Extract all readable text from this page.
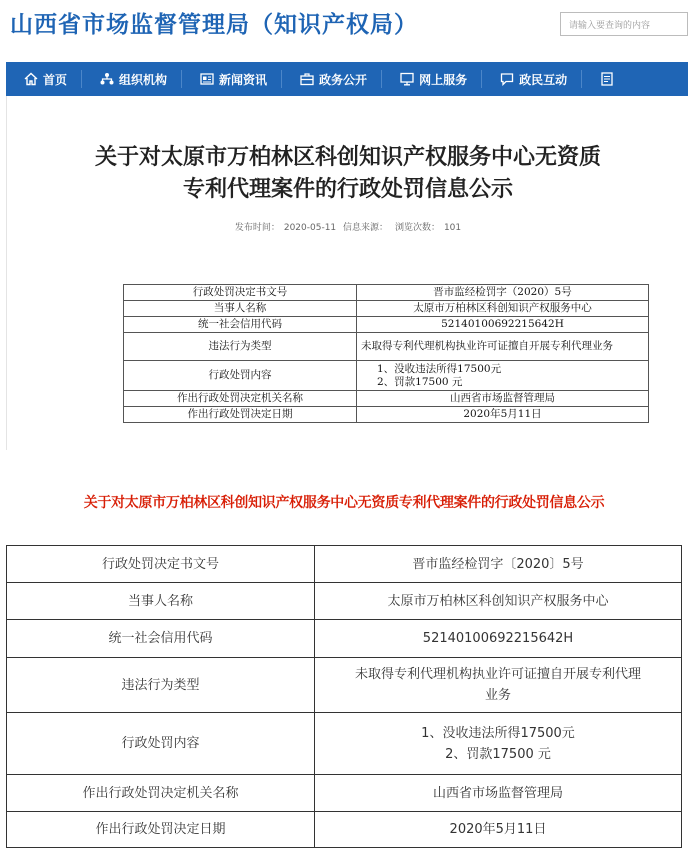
山西省市场监督管理局（知识产权局）	请输入要查询的内容
首页	组织机构	新闻资讯	政务公开	网上服务	政民互动
关于对太原市万柏林区科创知识产权服务中心无资质
专利代理案件的行政处罚信息公示
发布时间： 2020-05-11 信息来源： 浏览次数： 101
行政处罚决定书文号	晋市监经检罚字（2020）5号
当事人名称	太原市万柏林区科创知识产权服务中心
统一社会信用代码	52140100692215642H
违法行为类型	未取得专利代理机构执业许可证擅自开展专利代理业务
行政处罚内容	1、没收违法所得17500元
2、罚款17500 元

作出行政处罚决定机关名称	山西省市场监督管理局
作出行政处罚决定日期	2020年5月11日
关于对太原市万柏林区科创知识产权服务中心无资质专利代理案件的行政处罚信息公示
行政处罚决定书文号	晋市监经检罚字〔2020〕5号
当事人名称	太原市万柏林区科创知识产权服务中心
统一社会信用代码	52140100692215642H
违法行为类型	未取得专利代理机构执业许可证擅自开展专利代理
业务

行政处罚内容	1、没收违法所得17500元
2、罚款17500 元

作出行政处罚决定机关名称	山西省市场监督管理局
作出行政处罚决定日期	2020年5月11日
